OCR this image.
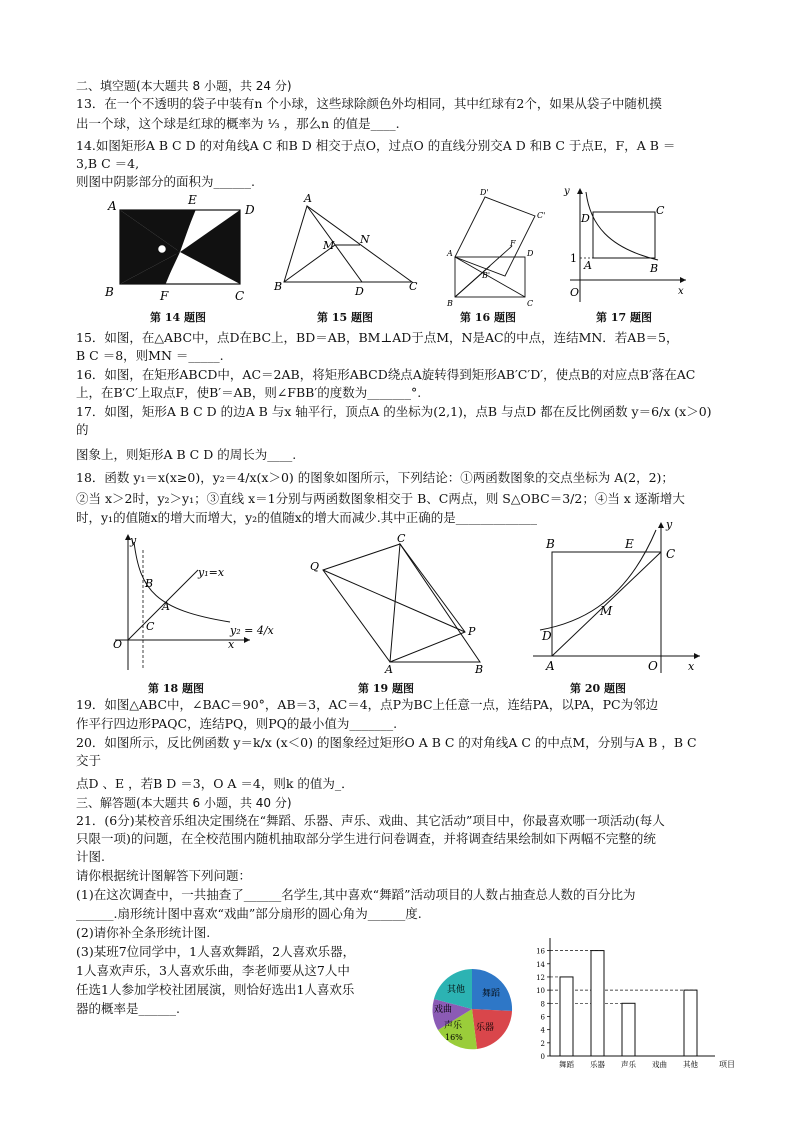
二、填空题(本大题共 8 小题，共 24 分)
13．在一个不透明的袋子中装有n 个小球，这些球除颜色外均相同，其中红球有2个，如果从袋子中随机摸
出一个球，这个球是红球的概率为 ⅓ ，那么n 的值是____.
14.如图矩形A B C D 的对角线A C 和B D 相交于点O，过点O 的直线分别交A D 和B C 于点E，F，A B ＝
3,B C ＝4,
则图中阴影部分的面积为______.
A	E
D
B	F	C
第 14 题图
A
B	C
D
M N
第 15 题图
D'
C'
A	D
B	C
F
B'
第 16 题图
y
x
O
D
C
A	B
1
第 17 题图
15．如图，在△ABC中，点D在BC上，BD＝AB，BM⊥AD于点M，N是AC的中点，连结MN．若AB＝5，
B C ＝8，则MN ＝_____.
16．如图，在矩形ABCD中，AC＝2AB，将矩形ABCD绕点A旋转得到矩形AB′C′D′，使点B的对应点B′落在AC
上，在B′C′上取点F，使B′＝AB，则∠FBB′的度数为_______°.
17．如图，矩形A B C D 的边A B 与x 轴平行，顶点A 的坐标为(2,1)，点B 与点D 都在反比例函数 y＝6/x (x＞0)
的
图象上，则矩形A B C D 的周长为____.
18．函数 y₁＝x(x≥0)，y₂＝4/x(x＞0) 的图象如图所示，下列结论：①两函数图象的交点坐标为 A(2，2)；
②当 x＞2时，y₂＞y₁；③直线 x＝1分别与两函数图象相交于 B、C两点，则 S△OBC＝3/2；④当 x 逐渐增大
时，y₁的值随x的增大而增大，y₂的值随x的增大而减少.其中正确的是_____________
y
x
O
B
A
C
y₁=x
y₂ = 4/x
第 18 题图
C
Q
P
A	B
第 19 题图
B	E
C
y
D
M
A	O	x
第 20 题图
19．如图△ABC中，∠BAC＝90°，AB＝3，AC＝4，点P为BC上任意一点，连结PA，以PA，PC为邻边
作平行四边形PAQC，连结PQ，则PQ的最小值为_______.
20．如图所示，反比例函数 y＝k/x (x＜0) 的图象经过矩形O A B C 的对角线A C 的中点M，分别与A B ，B C
交于
点D 、E ，若B D ＝3，O A ＝4，则k 的值为_．
三、解答题(本大题共 6 小题，共 40 分)
21．(6分)某校音乐组决定围绕在“舞蹈、乐器、声乐、戏曲、其它活动”项目中，你最喜欢哪一项活动(每人
只限一项)的问题，在全校范围内随机抽取部分学生进行问卷调查，并将调查结果绘制如下两幅不完整的统
计图.
请你根据统计图解答下列问题：
(1)在这次调查中，一共抽查了______名学生,其中喜欢“舞蹈”活动项目的人数占抽查总人数的百分比为
______.扇形统计图中喜欢“戏曲”部分扇形的圆心角为______度.
(2)请你补全条形统计图.
(3)某班7位同学中，1人喜欢舞蹈，2人喜欢乐器，
1人喜欢声乐，3人喜欢乐曲，李老师要从这7人中
任选1人参加学校社团展演，则恰好选出1人喜欢乐
器的概率是______.
舞蹈
乐器
声乐
16%
戏曲
其他
0
2
4
6
8
10
12
14
16
舞蹈 乐器 声乐 戏曲 其他	项目
